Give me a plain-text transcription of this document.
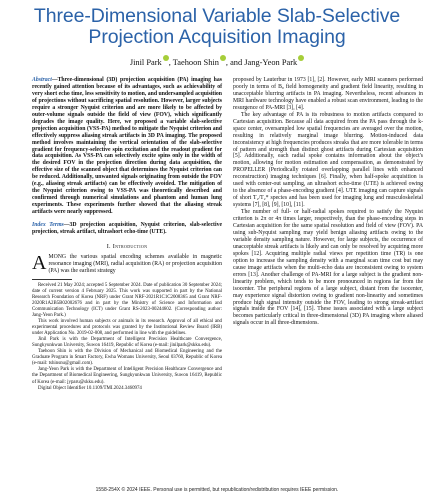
Three-Dimensional Variable Slab-Selective
Projection Acquisition Imaging
Jinil Park , Taehoon Shin , and Jang-Yeon Park

Abstract—Three-dimensional (3D) projection acquisition (PA) imaging has recently gained attention because of its advantages, such as achievability of very short echo time, less sensitivity to motion, and undersampled acquisition of projections without sacrificing spatial resolution. However, larger subjects require a stronger Nyquist criterion and are more likely to be affected by outer-volume signals outside the field of view (FOV), which significantly degrades the image quality. Here, we proposed a variable slab-selective projection acquisition (VSS-PA) method to mitigate the Nyquist criterion and effectively suppress aliasing streak artifacts in 3D PA imaging. The proposed method involves maintaining the vertical orientation of the slab-selective gradient for frequency-selective spin excitation and the readout gradient for data acquisition. As VSS-PA can selectively excite spins only in the width of the desired FOV in the projection direction during data acquisition, the effective size of the scanned object that determines the Nyquist criterion can be reduced. Additionally, unwanted signals originating from outside the FOV (e.g., aliasing streak artifacts) can be effectively avoided. The mitigation of the Nyquist criterion owing to VSS-PA was theoretically described and confirmed through numerical simulations and phantom and human lung experiments. These experiments further showed that the aliasing streak artifacts were nearly suppressed.

Index Terms—3D projection acquisition, Nyquist criterion, slab-selective projection, streak artifact, ultrashort echo-time (UTE).

I. Introduction

AMONG the various spatial encoding schemes available in magnetic resonance imaging (MRI), radial acquisition (RA) or projection acquisition (PA) was the earliest strategy

Received 21 May 2024; accepted 5 September 2024. Date of publication 30 September 2024; date of current version 4 February 2025. This work was supported in part by the National Research Foundation of Korea (NRF) under Grant NRF-2021R1C1C2008365 and Grant NRF-2020R1A2B5B02002676 and in part by the Ministry of Science and Information and Communication Technology (ICT) under Grant RS-2023-00244602. (Corresponding author: Jang-Yeon Park.)

This work involved human subjects or animals in its research. Approval of all ethical and experimental procedures and protocols was granted by the Institutional Review Board (IRB) under Application No. 2019-02-008, and performed in line with the guidelines.

Jinil Park is with the Department of Intelligent Precision Healthcare Convergence, Sungkyunkwan University, Suwon 16419, Republic of Korea (e-mail: jinilpark@skku.edu).

Taehoon Shin is with the Division of Mechanical and Biomedical Engineering and the Graduate Program in Smart Factory, Ewha Womans University, Seoul 03760, Republic of Korea (e-mail: tshinsnu@gmail.com).

Jang-Yeon Park is with the Department of Intelligent Precision Healthcare Convergence and the Department of Biomedical Engineering, Sungkyunkwan University, Suwon 16419, Republic of Korea (e-mail: jyparu@skku.edu).

Digital Object Identifier 10.1109/TMI.2024.3460974

proposed by Lauterbur in 1973 [1], [2]. However, early MRI scanners performed poorly in terms of B₀ field homogeneity and gradient field linearity, resulting in unacceptable blurring artifacts in PA imaging. Nevertheless, recent advances in MRI hardware technology have enabled a robust scan environment, leading to the resurgence of PA-MRI [3], [4].

The key advantage of PA is its robustness to motion artifacts compared to Cartesian acquisition. Because all data acquired from the PA pass through the k-space center, oversampled low spatial frequencies are averaged over the motion, resulting in relatively marginal image blurring. Motion-induced data inconsistency at high frequencies produces streaks that are more tolerable in terms of pattern and strength than distinct ghost artifacts during Cartesian acquisition [5]. Additionally, each radial spoke contains information about the object's motion, allowing for motion estimation and compensation, as demonstrated by PROPELLER (Periodically rotated overlapping parallel lines with enhanced reconstruction) imaging techniques [6]. Finally, when half-spoke acquisition is used with center-out sampling, an ultrashort echo-time (UTE) is achieved owing to the absence of a phase-encoding gradient [4]. UTE imaging can capture signals of short T₂/T₂* species and has been used for imaging lung and musculoskeletal systems [7], [8], [9], [10], [11].

The number of full- or half-radial spokes required to satisfy the Nyquist criterion is 2π or 4π times larger, respectively, than the phase-encoding steps in Cartesian acquisition for the same spatial resolution and field of view (FOV). PA using sub-Nyquist sampling may yield benign aliasing artifacts owing to the variable density sampling nature. However, for large subjects, the occurrence of unacceptable streak artifacts is likely and can only be resolved by acquiring more spokes [12]. Acquiring multiple radial views per repetition time (TR) is one option to increase the sampling density with a marginal scan time cost but may cause image artifacts when the multi-echo data are inconsistent owing to system errors [13]. Another challenge of PA-MRI for a large subject is the gradient non-linearity problem, which tends to be more pronounced in regions far from the isocenter. The peripheral regions of a large subject, distant from the isocenter, may experience signal distortion owing to gradient non-linearity and sometimes produce high signal intensity outside the FOV, leading to strong streak-artifact signals inside the FOV [14], [15]. These issues associated with a large subject becomes particularly critical in three-dimensional (3D) PA imaging where aliased signals occur in all three-dimensions.

1558-254X © 2024 IEEE. Personal use is permitted, but republication/redistribution requires IEEE permission.
